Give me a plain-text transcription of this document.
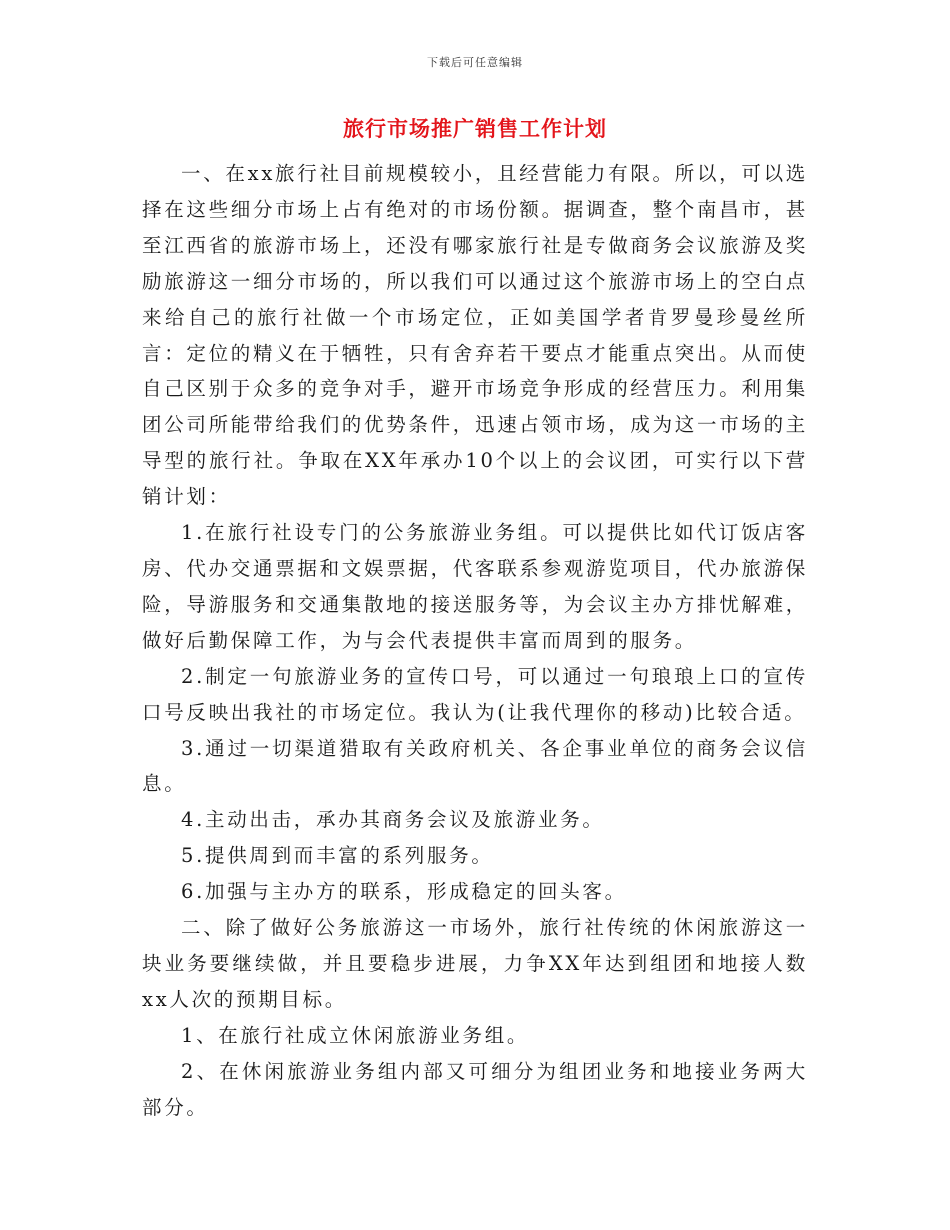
下载后可任意编辑
旅行市场推广销售工作计划

一、在xx旅行社目前规模较小，且经营能力有限。所以，可以选择在这些细分市场上占有绝对的市场份额。据调查，整个南昌市，甚至江西省的旅游市场上，还没有哪家旅行社是专做商务会议旅游及奖励旅游这一细分市场的，所以我们可以通过这个旅游市场上的空白点来给自己的旅行社做一个市场定位，正如美国学者肯罗曼珍曼丝所言：定位的精义在于牺牲，只有舍弃若干要点才能重点突出。从而使自己区别于众多的竞争对手，避开市场竞争形成的经营压力。利用集团公司所能带给我们的优势条件，迅速占领市场，成为这一市场的主导型的旅行社。争取在XX年承办10个以上的会议团，可实行以下营销计划：

1.在旅行社设专门的公务旅游业务组。可以提供比如代订饭店客房、代办交通票据和文娱票据，代客联系参观游览项目，代办旅游保险，导游服务和交通集散地的接送服务等，为会议主办方排忧解难，做好后勤保障工作，为与会代表提供丰富而周到的服务。

2.制定一句旅游业务的宣传口号，可以通过一句琅琅上口的宣传口号反映出我社的市场定位。我认为(让我代理你的移动)比较合适。

3.通过一切渠道猎取有关政府机关、各企事业单位的商务会议信息。

4.主动出击，承办其商务会议及旅游业务。

5.提供周到而丰富的系列服务。

6.加强与主办方的联系，形成稳定的回头客。

二、除了做好公务旅游这一市场外，旅行社传统的休闲旅游这一块业务要继续做，并且要稳步进展，力争XX年达到组团和地接人数xx人次的预期目标。

1、在旅行社成立休闲旅游业务组。

2、在休闲旅游业务组内部又可细分为组团业务和地接业务两大部分。
